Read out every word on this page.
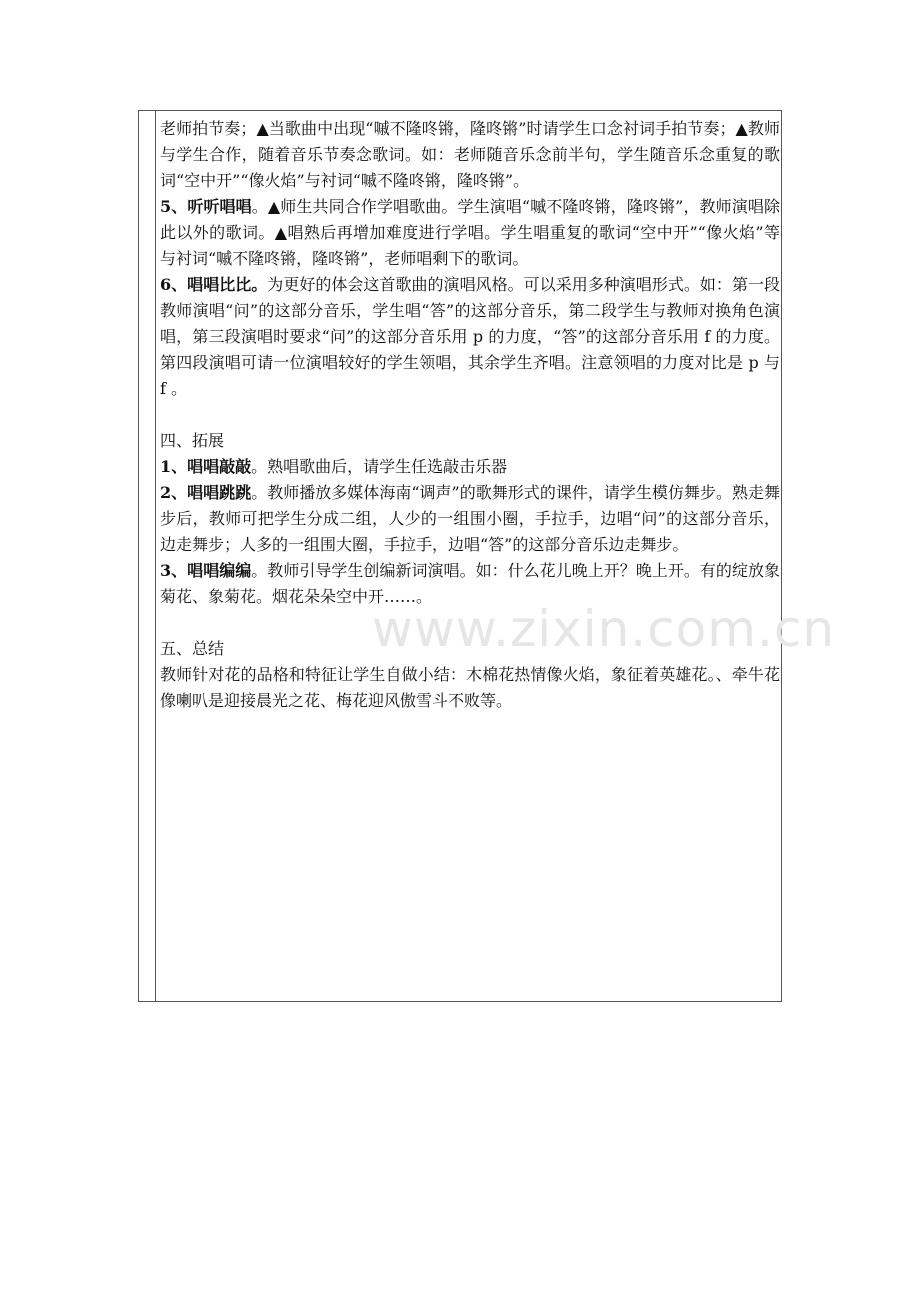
老师拍节奏；▲当歌曲中出现“嘁不隆咚锵，隆咚锵”时请学生口念衬词手拍节奏；▲教师与学生合作，随着音乐节奏念歌词。如：老师随音乐念前半句，学生随音乐念重复的歌词“空中开”“像火焰”与衬词“嘁不隆咚锵，隆咚锵”。

5、听听唱唱。▲师生共同合作学唱歌曲。学生演唱“嘁不隆咚锵，隆咚锵”，教师演唱除此以外的歌词。▲唱熟后再增加难度进行学唱。学生唱重复的歌词“空中开”“像火焰”等与衬词“嘁不隆咚锵，隆咚锵”，老师唱剩下的歌词。

6、唱唱比比。为更好的体会这首歌曲的演唱风格。可以采用多种演唱形式。如：第一段教师演唱“问”的这部分音乐，学生唱“答”的这部分音乐，第二段学生与教师对换角色演唱，第三段演唱时要求“问”的这部分音乐用 p 的力度，“答”的这部分音乐用 f 的力度。第四段演唱可请一位演唱较好的学生领唱，其余学生齐唱。注意领唱的力度对比是 p 与 f 。

四、拓展

1、唱唱敲敲。熟唱歌曲后，请学生任选敲击乐器

2、唱唱跳跳。教师播放多媒体海南“调声”的歌舞形式的课件，请学生模仿舞步。熟走舞步后，教师可把学生分成二组，人少的一组围小圈，手拉手，边唱“问”的这部分音乐，边走舞步；人多的一组围大圈，手拉手，边唱“答”的这部分音乐边走舞步。

3、唱唱编编。教师引导学生创编新词演唱。如：什么花儿晚上开？晚上开。有的绽放象菊花、象菊花。烟花朵朵空中开……。

五、总结

教师针对花的品格和特征让学生自做小结：木棉花热情像火焰，象征着英雄花。、牵牛花像喇叭是迎接晨光之花、梅花迎风傲雪斗不败等。

www.zixin.com.cn
